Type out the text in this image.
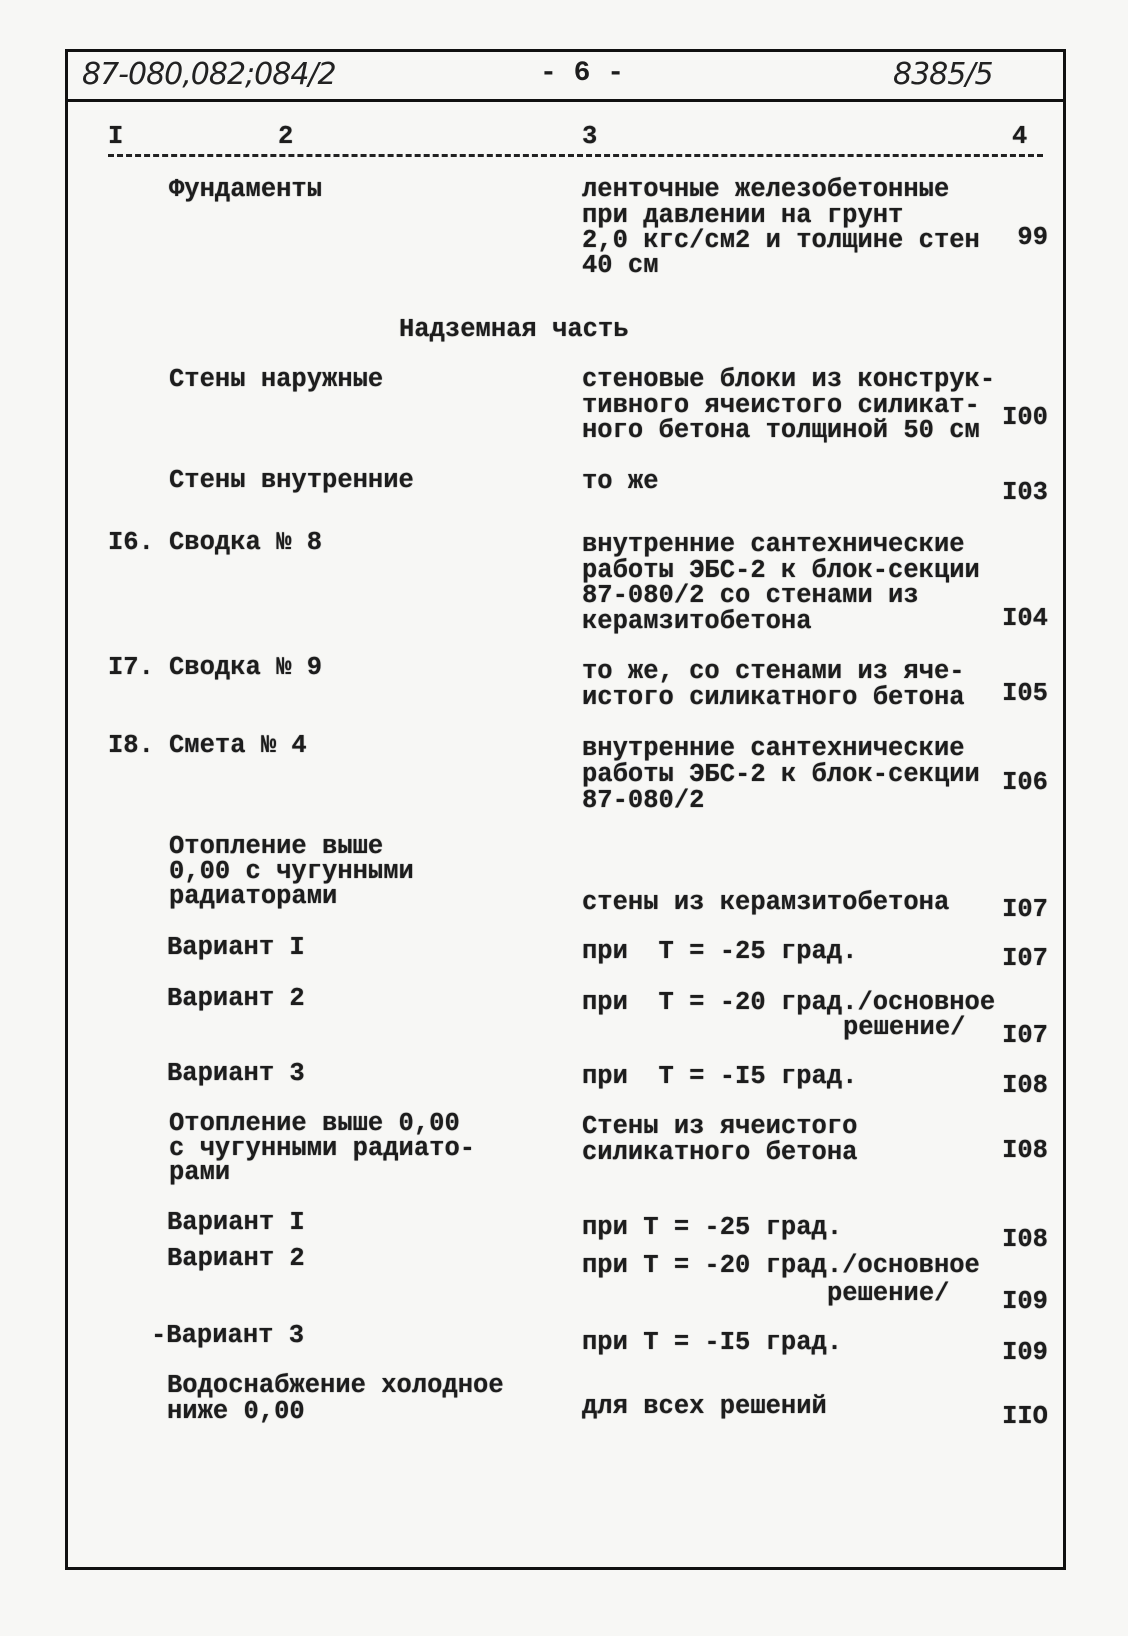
87-080,082;084/2	- 6 -	8385/5
I	2	3	4
Фундаменты	ленточные железобетонные
при давлении на грунт
2,0 кгс/см2 и толщине стен
40 см
99
Надземная часть
Стены наружные	стеновые блоки из конструк-
тивного ячеистого силикат-
ного бетона толщиной 50 см I00
Стены внутренние	то же	I03
I6. Сводка № 8	внутренние сантехнические
работы ЭБС-2 к блок-секции
87-080/2 со стенами из
керамзитобетона	I04
I7. Сводка № 9	то же, со стенами из яче-
истого силикатного бетона I05
I8. Смета № 4	внутренние сантехнические
работы ЭБС-2 к блок-секции
87-080/2
I06
Отопление выше
0,00 с чугунными
радиаторами	стены из керамзитобетона I07
Вариант I	при  Т = -25 град.	I07
Вариант 2	при  Т = -20 град./основное
решение/ I07
Вариант 3	при  Т = -I5 град.	I08
Отопление выше 0,00
с чугунными радиато-
рами
Стены из ячеистого
силикатного бетона	I08
Вариант I	при Т = -25 град.	I08
Вариант 2	при Т = -20 град./основное
решение/ I09
-Вариант 3	при Т = -I5 град.	I09
Водоснабжение холодное
ниже 0,00	для всех решений	IIO
